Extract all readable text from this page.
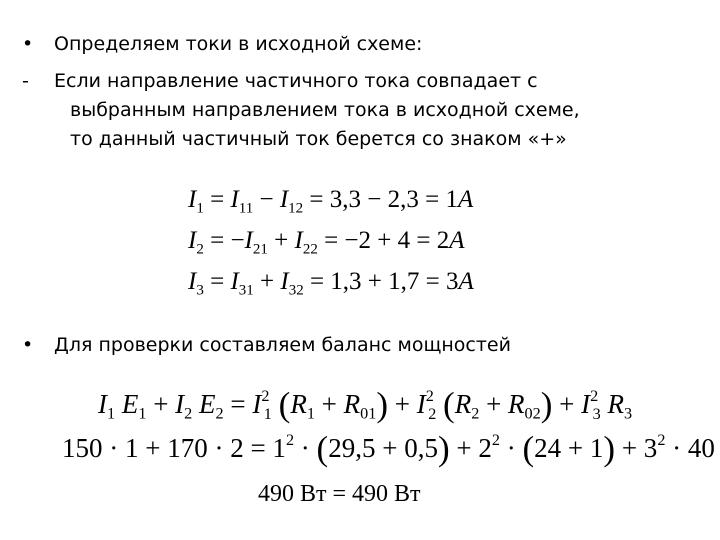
• Определяем токи в исходной схеме:
- Если направление частичного тока совпадает с
выбранным направлением тока в исходной схеме,
то данный частичный ток берется со знаком «+»
• Для проверки составляем баланс мощностей
$I_1 = I_{11} - I_{12} = 3,3 - 2,3 = 1A$
$I_2 = -I_{21} + I_{22} = -2 + 4 = 2A$
$I_3 = I_{31} + I_{32} = 1,3 + 1,7 = 3A$
$I_1$ $E_1 + I_2$ $E_2 = I^2_1$ $(R_1 + R_{01}) + I^2_2$ $(R_2 + R_{02}) + I^2_3$ $R_3$
$150 \cdot 1 + 170 \cdot 2 = 1^2 \cdot (29,5 + 0,5) + 2^2 \cdot (24 + 1) + 3^2 \cdot 40$
490 Вт = 490 Вт
